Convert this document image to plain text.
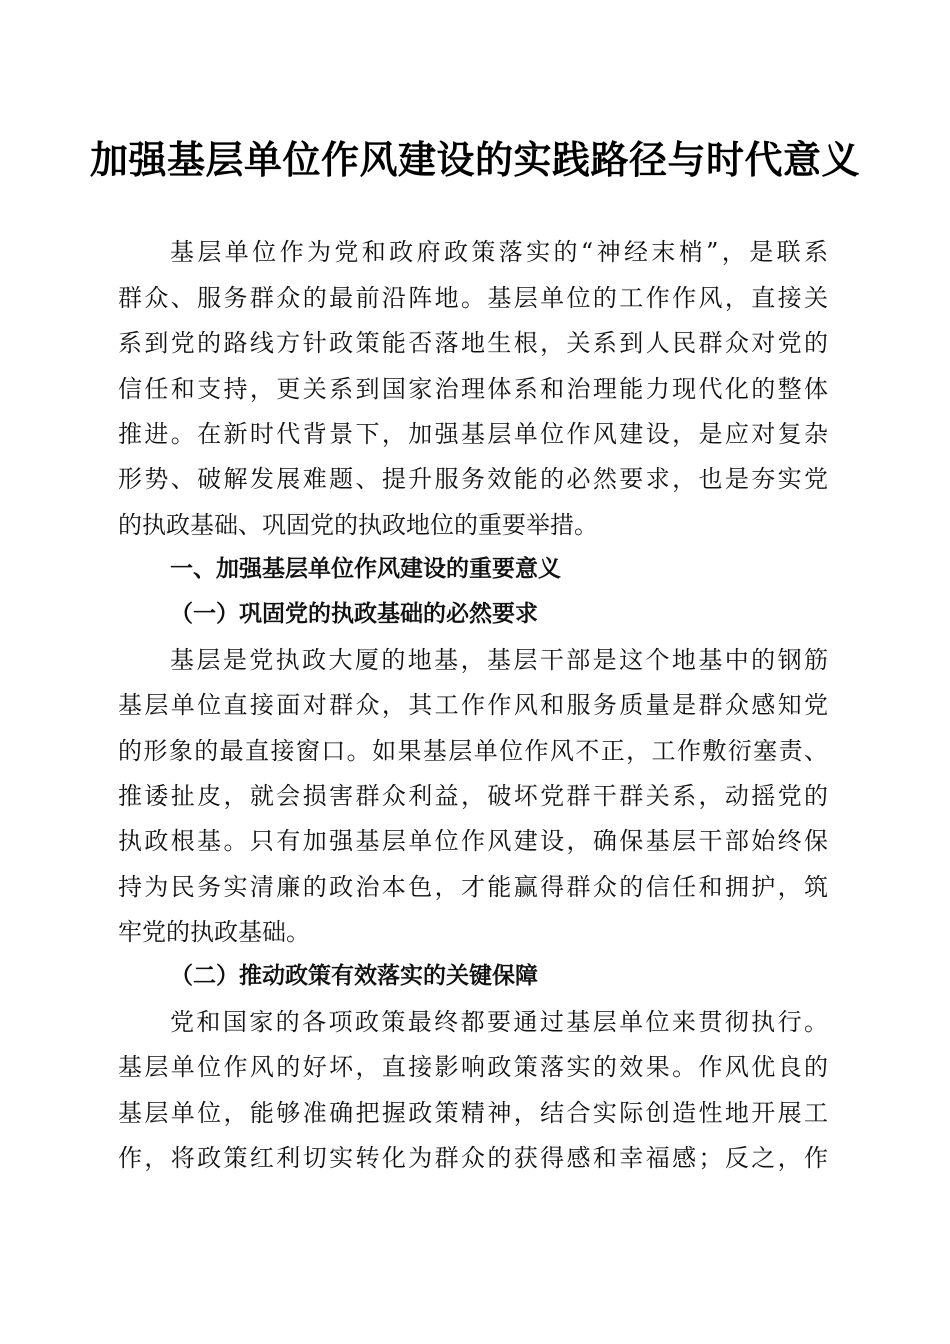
加强基层单位作风建设的实践路径与时代意义
基层单位作为党和政府政策落实的“神经末梢”，是联系
群众、服务群众的最前沿阵地。基层单位的工作作风，直接关
系到党的路线方针政策能否落地生根，关系到人民群众对党的
信任和支持，更关系到国家治理体系和治理能力现代化的整体
推进。在新时代背景下，加强基层单位作风建设，是应对复杂
形势、破解发展难题、提升服务效能的必然要求，也是夯实党
的执政基础、巩固党的执政地位的重要举措。
一、加强基层单位作风建设的重要意义
（一）巩固党的执政基础的必然要求
基层是党执政大厦的地基，基层干部是这个地基中的钢筋
基层单位直接面对群众，其工作作风和服务质量是群众感知党
的形象的最直接窗口。如果基层单位作风不正，工作敷衍塞责、
推诿扯皮，就会损害群众利益，破坏党群干群关系，动摇党的
执政根基。只有加强基层单位作风建设，确保基层干部始终保
持为民务实清廉的政治本色，才能赢得群众的信任和拥护，筑
牢党的执政基础。
（二）推动政策有效落实的关键保障
党和国家的各项政策最终都要通过基层单位来贯彻执行。
基层单位作风的好坏，直接影响政策落实的效果。作风优良的
基层单位，能够准确把握政策精神，结合实际创造性地开展工
作，将政策红利切实转化为群众的获得感和幸福感；反之，作
